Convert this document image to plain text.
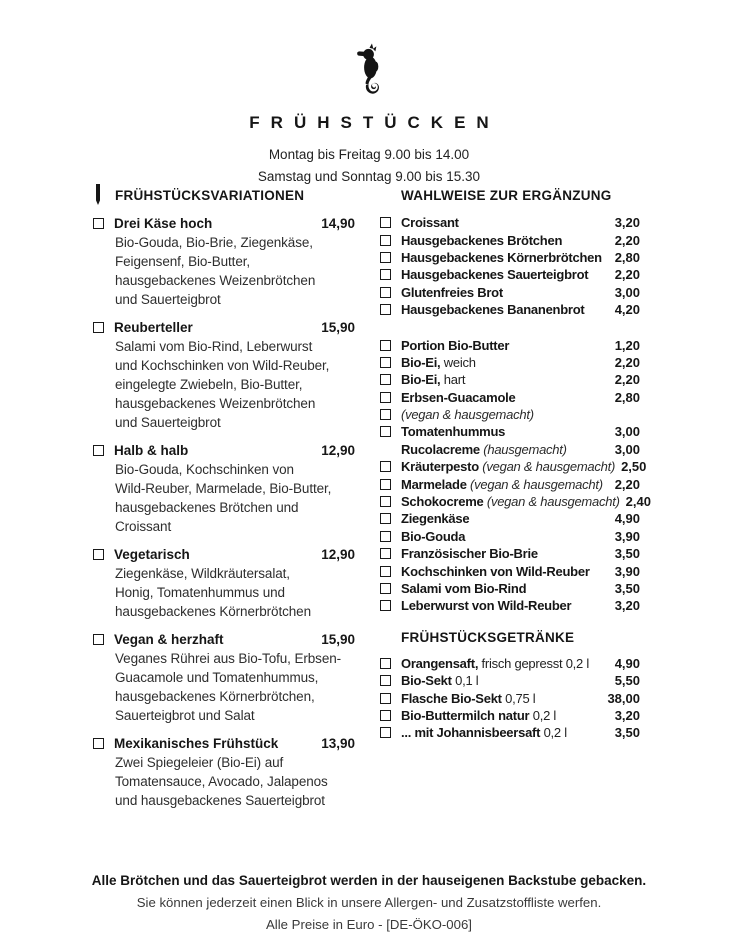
FRÜHSTÜCKEN
Montag bis Freitag 9.00 bis 14.00
Samstag und Sonntag 9.00 bis 15.30
FRÜHSTÜCKSVARIATIONEN
Drei Käse hoch	14,90
Bio-Gouda, Bio-Brie, Ziegenkäse,
Feigensenf, Bio-Butter,
hausgebackenes Weizenbrötchen
und Sauerteigbrot
Reuberteller	15,90
Salami vom Bio-Rind, Leberwurst
und Kochschinken von Wild-Reuber,
eingelegte Zwiebeln, Bio-Butter,
hausgebackenes Weizenbrötchen
und Sauerteigbrot
Halb & halb	12,90
Bio-Gouda, Kochschinken von
Wild-Reuber, Marmelade, Bio-Butter,
hausgebackenes Brötchen und
Croissant
Vegetarisch	12,90
Ziegenkäse, Wildkräutersalat,
Honig, Tomatenhummus und
hausgebackenes Körnerbrötchen
Vegan & herzhaft	15,90
Veganes Rührei aus Bio-Tofu, Erbsen-
Guacamole und Tomatenhummus,
hausgebackenes Körnerbrötchen,
Sauerteigbrot und Salat
Mexikanisches Frühstück	13,90
Zwei Spiegeleier (Bio-Ei) auf
Tomatensauce, Avocado, Jalapenos
und hausgebackenes Sauerteigbrot
WAHLWEISE ZUR ERGÄNZUNG
Croissant	3,20
Hausgebackenes Brötchen	2,20
Hausgebackenes Körnerbrötchen 2,80
Hausgebackenes Sauerteigbrot	2,20
Glutenfreies Brot	3,00
Hausgebackenes Bananenbrot	4,20
Portion Bio-Butter	1,20
Bio-Ei, weich	2,20
Bio-Ei, hart	2,20
Erbsen-Guacamole	2,80
(vegan & hausgemacht)
Tomatenhummus	3,00
Rucolacreme (hausgemacht)	3,00
Kräuterpesto (vegan & hausgemacht) 2,50
Marmelade (vegan & hausgemacht) 2,20
Schokocreme (vegan & hausgemacht) 2,40
Ziegenkäse	4,90
Bio-Gouda	3,90
Französischer Bio-Brie	3,50
Kochschinken von Wild-Reuber	3,90
Salami vom Bio-Rind	3,50
Leberwurst von Wild-Reuber	3,20
FRÜHSTÜCKSGETRÄNKE
Orangensaft, frisch gepresst 0,2 l	4,90
Bio-Sekt 0,1 l	5,50
Flasche Bio-Sekt 0,75 l	38,00
Bio-Buttermilch natur 0,2 l	3,20
... mit Johannisbeersaft 0,2 l	3,50
Alle Brötchen und das Sauerteigbrot werden in der hauseigenen Backstube gebacken.
Sie können jederzeit einen Blick in unsere Allergen- und Zusatzstoffliste werfen.
Alle Preise in Euro - [DE-ÖKO-006]
